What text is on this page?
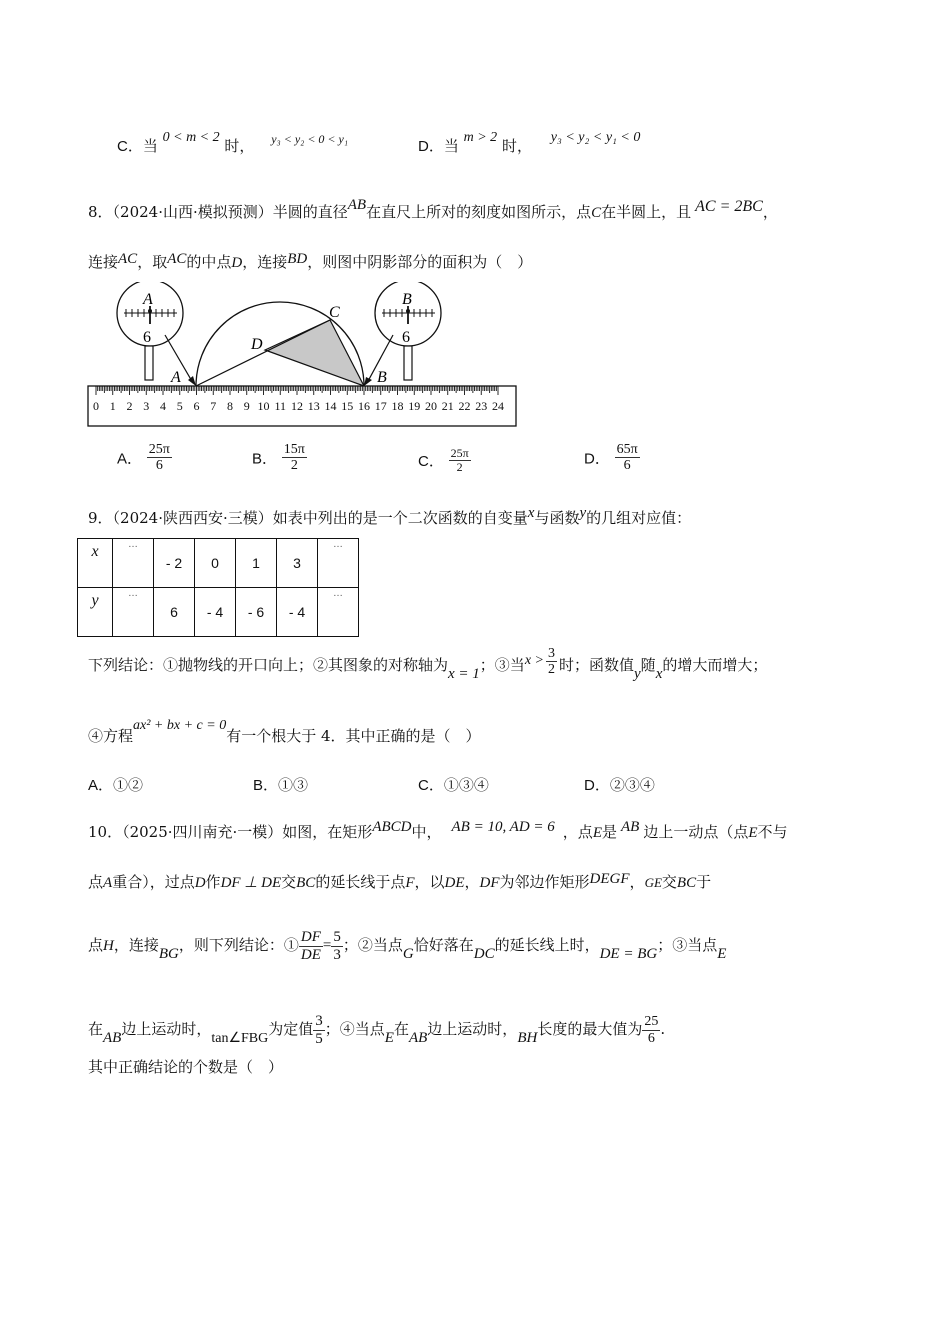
C．当 0 < m < 2 时， $^{y_3 < y_2 < 0 < y_1}$	D．当 m > 2 时， y₃ < y₂ < y₁ < 0
8．（2024·山西·模拟预测）半圆的直径AB在直尺上所对的刻度如图所示，点C在半圆上，且 AC = 2BC，
连接AC，取AC的中点D，连接BD，则图中阴影部分的面积为（　）
0 1 2 3 4 5 6 7 8 9 10 11 12 13 14 15 16 17 18 19 20 21 22 23 24
A
6
B
6
A	B
C
D
A． $\frac{25\pi}{6}$	B． $\frac{15\pi}{2}$	C． $\frac{25\pi}{2}$	D． $\frac{65\pi}{6}$
9．（2024·陕西西安·三模）如表中列出的是一个二次函数的自变量x与函数y的几组对应值：
x	…	- 2	0	1	3	…
y	…	6	- 4	- 6	- 4	…
下列结论：①抛物线的开口向上；②其图象的对称轴为x = 1；③当$x > \frac{3}{2}$ 时；函数值y随x的增大而增大；
④方程ax² + bx + c = 0有一个根大于 4．其中正确的是（　）
A．①②	B．①③	C．①③④	D．②③④
10．（2025·四川南充·一模）如图，在矩形ABCD中， AB = 10, AD = 6 ，点E是 AB 边上一动点（点E不与
点A重合），过点D作DF ⊥ DE交BC的延长线于点F，以DE，DF为邻边作矩形DEGF，GE交BC于
点H，连接BG，则下列结论：① $\frac{DF}{DE} = \frac{5}{3}$ ；②当点G恰好落在DC的延长线上时，DE = BG；③当点E
在AB边上运动时，tan∠FBG为定值 $\frac{3}{5}$ ；④当点E在AB边上运动时，BH长度的最大值为 $\frac{25}{6}$ .
其中正确结论的个数是（　）
